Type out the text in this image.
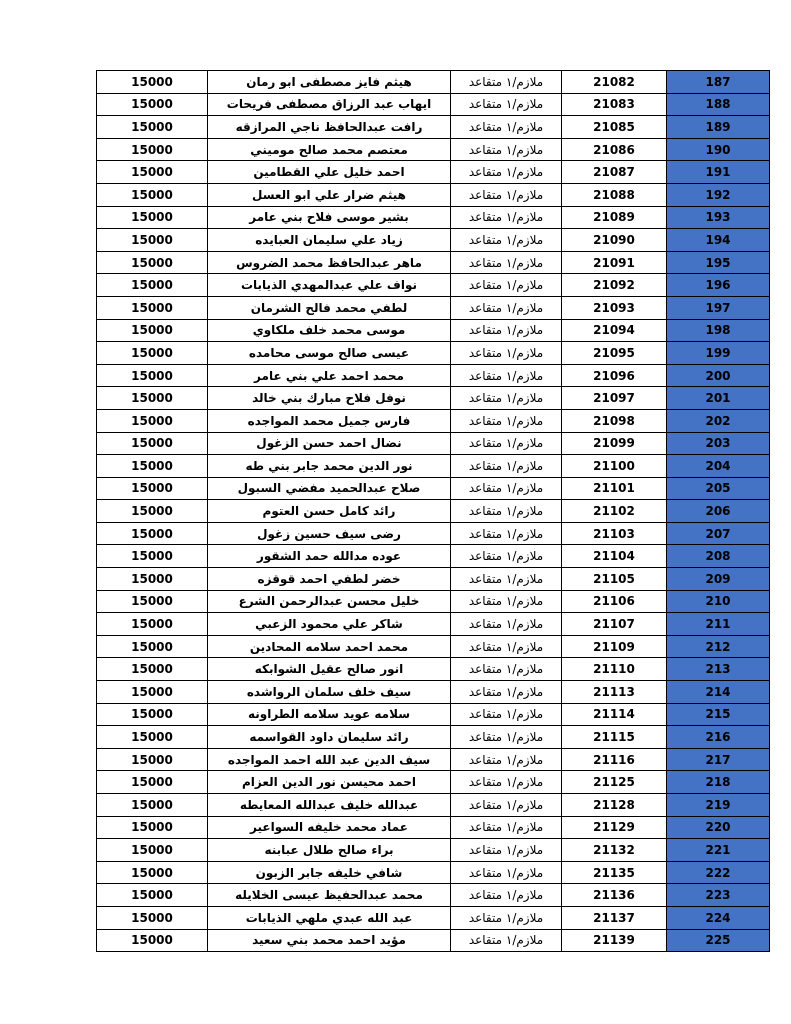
15000	هيثم فايز مصطفى ابو رمان	ملازم/١ متقاعد	21082	187
15000	ايهاب عبد الرزاق مصطفى فريحات	ملازم/١ متقاعد	21083	188
15000	رافت عبدالحافظ ناجي المرازقه	ملازم/١ متقاعد	21085	189
15000	معتصم محمد صالح موميني	ملازم/١ متقاعد	21086	190
15000	احمد خليل علي القطامين	ملازم/١ متقاعد	21087	191
15000	هيثم ضرار علي ابو العسل	ملازم/١ متقاعد	21088	192
15000	بشير موسى فلاح بني عامر	ملازم/١ متقاعد	21089	193
15000	زياد علي سليمان العبايده	ملازم/١ متقاعد	21090	194
15000	ماهر عبدالحافظ محمد الضروس	ملازم/١ متقاعد	21091	195
15000	نواف علي عبدالمهدي الذيابات	ملازم/١ متقاعد	21092	196
15000	لطفي محمد فالح الشرمان	ملازم/١ متقاعد	21093	197
15000	موسى محمد خلف ملكاوي	ملازم/١ متقاعد	21094	198
15000	عيسى صالح موسى محامده	ملازم/١ متقاعد	21095	199
15000	محمد احمد علي بني عامر	ملازم/١ متقاعد	21096	200
15000	نوفل فلاح مبارك بني خالد	ملازم/١ متقاعد	21097	201
15000	فارس جميل محمد المواجده	ملازم/١ متقاعد	21098	202
15000	نضال احمد حسن الزغول	ملازم/١ متقاعد	21099	203
15000	نور الدين محمد جابر بني طه	ملازم/١ متقاعد	21100	204
15000	صلاح عبدالحميد مفضي السبول	ملازم/١ متقاعد	21101	205
15000	رائد كامل حسن العتوم	ملازم/١ متقاعد	21102	206
15000	رضى سيف حسين زغول	ملازم/١ متقاعد	21103	207
15000	عوده مدالله حمد الشقور	ملازم/١ متقاعد	21104	208
15000	خضر لطفي احمد قوقزه	ملازم/١ متقاعد	21105	209
15000	خليل محسن عبدالرحمن الشرع	ملازم/١ متقاعد	21106	210
15000	شاكر علي محمود الزعبي	ملازم/١ متقاعد	21107	211
15000	محمد احمد سلامه المحادين	ملازم/١ متقاعد	21109	212
15000	انور صالح عقيل الشوابكه	ملازم/١ متقاعد	21110	213
15000	سيف خلف سلمان الرواشده	ملازم/١ متقاعد	21113	214
15000	سلامه عويد سلامه الطراونه	ملازم/١ متقاعد	21114	215
15000	رائد سليمان داود القواسمه	ملازم/١ متقاعد	21115	216
15000	سيف الدين عبد الله احمد المواجده	ملازم/١ متقاعد	21116	217
15000	احمد محيسن نور الدين العزام	ملازم/١ متقاعد	21125	218
15000	عبدالله خليف عبدالله المعايطه	ملازم/١ متقاعد	21128	219
15000	عماد محمد خليفه السواعير	ملازم/١ متقاعد	21129	220
15000	براء صالح طلال عبابنه	ملازم/١ متقاعد	21132	221
15000	شافي خليفه جابر الزبون	ملازم/١ متقاعد	21135	222
15000	محمد عبدالحفيظ عيسى الخلايله	ملازم/١ متقاعد	21136	223
15000	عبد الله عبدي ملهي الذيابات	ملازم/١ متقاعد	21137	224
15000	مؤيد احمد محمد بني سعيد	ملازم/١ متقاعد	21139	225
